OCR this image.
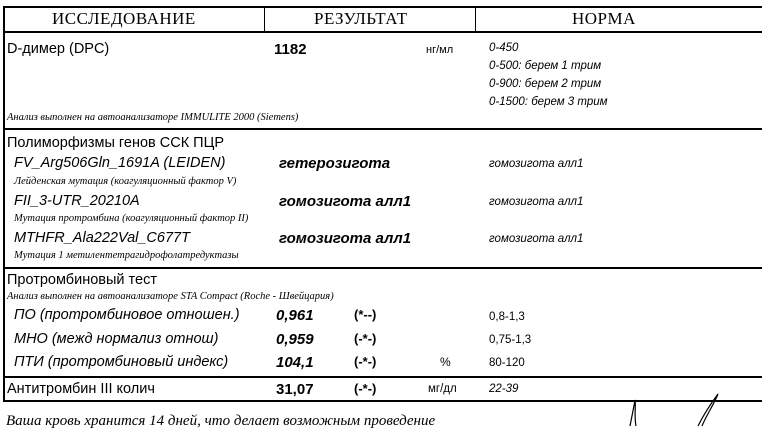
ИССЛЕДОВАНИЕ	РЕЗУЛЬТАТ	НОРМА
D-димер (DPC)	1182	нг/мл	0-450
0-500: берем 1 трим
0-900: берем 2 трим
0-1500: берем 3 трим
Анализ выполнен на автоанализаторе IMMULITE 2000 (Siemens)
Полиморфизмы генов ССК ПЦР
FV_Arg506Gln_1691A (LEIDEN)	гетерозигота	гомозигота алл1
Лейденская мутация (коагуляционный фактор V)
FII_3-UTR_20210A	гомозигота алл1	гомозигота алл1
Мутация протромбина (коагуляционный фактор II)
MTHFR_Ala222Val_C677T	гомозигота алл1	гомозигота алл1
Мутация 1 метилентетрагидрофолатредуктазы
Протромбиновый тест
Анализ выполнен на автоанализаторе STA Compact (Roche - Швейцария)
ПО (протромбиновое отношен.) 0,961	(*--)	0,8-1,3
МНО (межд нормализ отнош)	0,959	(-*-)	0,75-1,3
ПТИ (протромбиновый индекс)	104,1	(-*-)	%	80-120
Антитромбин III колич	31,07	(-*-)	мг/дл	22-39
Ваша кровь хранится 14 дней, что делает возможным проведение
